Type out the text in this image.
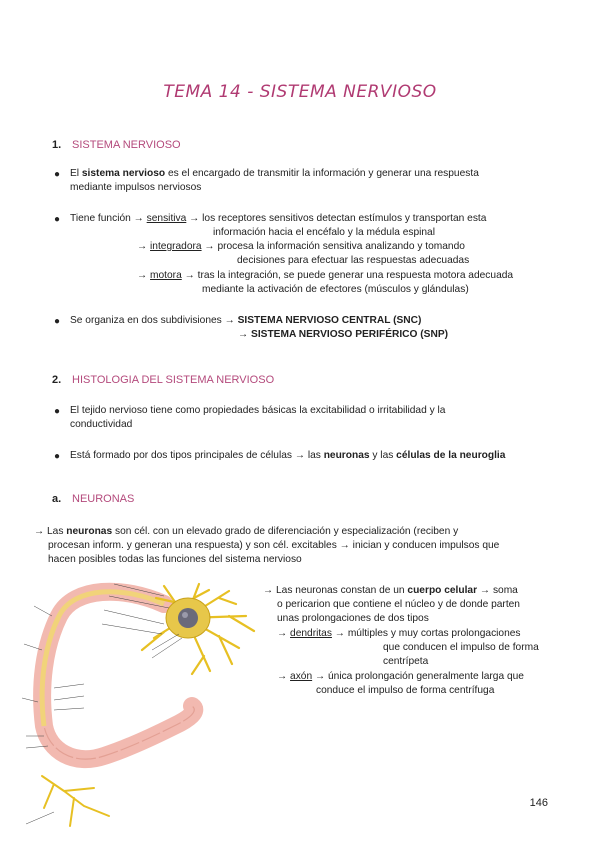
TEMA 14 - SISTEMA NERVIOSO
1. SISTEMA NERVIOSO
● El sistema nervioso es el encargado de transmitir la información y generar una respuesta
mediante impulsos nerviosos
● Tiene función → sensitiva → los receptores sensitivos detectan estímulos y transportan esta
información hacia el encéfalo y la médula espinal
→ integradora → procesa la información sensitiva analizando y tomando
decisiones para efectuar las respuestas adecuadas
→ motora → tras la integración, se puede generar una respuesta motora adecuada
mediante la activación de efectores (músculos y glándulas)
● Se organiza en dos subdivisiones → SISTEMA NERVIOSO CENTRAL (SNC)
→ SISTEMA NERVIOSO PERIFÉRICO (SNP)
2. HISTOLOGIA DEL SISTEMA NERVIOSO
● El tejido nervioso tiene como propiedades básicas la excitabilidad o irritabilidad y la
conductividad
● Está formado por dos tipos principales de células → las neuronas y las células de la neuroglia
a. NEURONAS
→ Las neuronas son cél. con un elevado grado de diferenciación y especialización (reciben y
procesan inform. y generan una respuesta) y son cél. excitables → inician y conducen impulsos que
hacen posibles todas las funciones del sistema nervioso
→ Las neuronas constan de un cuerpo celular → soma
o pericarion que contiene el núcleo y de donde parten
unas prolongaciones de dos tipos
→ dendritas → múltiples y muy cortas prolongaciones
que conducen el impulso de forma
centrípeta
→ axón → única prolongación generalmente larga que
conduce el impulso de forma centrífuga
146
